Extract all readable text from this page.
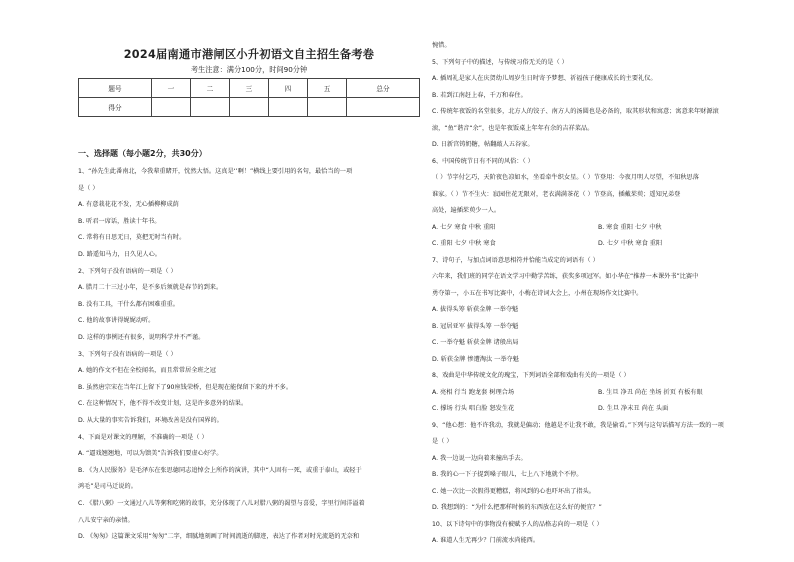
2024届南通市港闸区小升初语文自主招生备考卷
考生注意：满分100分，时间90分钟
题号	一	二	三	四	五	总分
得分						
一、选择题（每小题2分，共30分）
1、“孙先生此番南北，今我辈重睹开，忱然大悟。这真是‘’啊！”横线上要引用的名句，最恰当的一项
是（ ）
A. 有意栽花花不发，无心插柳柳成荫
B. 听君一席话，胜读十年书。
C. 常将有日思无日，莫把无时当有时。
D. 路遥知马力，日久见人心。
2、下列句子没有语病的一项是（ ）
A. 腊月二十三过小年，是不多后须就是春节的到来。
B. 没有工具，干什么都有困难重重。
C. 他的故事讲得娓娓动听。
D. 这样的事例还有很多，说明科学并不严谨。
3、下列句子没有语病的一项是（ ）
A. 她的作文不但在全校闻名，而且常常居全班之冠
B. 虽然唐宗宋在当年江上留下了90座钱荣桥，但是现在能保留下来的并不多。
C. 在这种情况下，他不得不改变计划，这是许多意外的结果。
D. 从大量的事实告诉我们，环境改善是没有国界的。
4、下面是对课文的理解，不准确的一项是（ ）
A. “逼戏翘翘地，可以为馈美”告诉我们要虚心好学。
B. 《为人民服务》是毛泽东在张思德同志追悼会上所作的演讲，其中“人固有一死，或重于泰山，或轻于
鸿毛”是司马迁说的。
C. 《腊八粥》一文通过八儿等粥和吃粥的故事，充分体现了八儿对腊八粥的渴望与喜爱，字里行间洋溢着
八儿安宁亲的亲情。
D. 《匆匆》这篇课文采用“匆匆”二字，细腻地刻画了时间流逝的脚迹，表达了作者对时光流逝的无奈和
惋惜。
5、下列句子中的描述，与传统习俗无关的是（ ）
A. 插周礼是家人在庆贺幼儿周岁生日时寄予梦想、祈福孩子健康成长的主要礼仪。
B. 若到江南赶上春，千万和春住。
C. 传统年夜饭的名堂很多，北方人的饺子、南方人的汤圆也是必备的，取其形状和寓意；寓意来年财源滚
滚，“鱼”谐音“余”，也是年夜饭桌上年年有余的吉祥菜品。
D. 日新宫铸奶糖，帖翻敲人五谷家。
6、中国传统节日有不同的风俗：（ ）
（ ）节字付乞巧，天阶夜色凉如水，坐看牵牛织女星。（ ）节登用：今夜月明人尽望，不知秋思落
谁家。（ ）节不生火：寂园住花无限对，老衣满满茶花（ ）节登高，插戴茱萸；遥知兄弟登
高处，遍插茱萸少一人。
A. 七夕 寒食 中秋 重阳
C. 重阳 七夕 中秋 寒食
7、诗句子，与加点词语意思相符并恰能当成定的词语有（ ）
六年来，我们班的同学在语文学习中勤学苦练，获奖多项冠军。如小华在“推荐一本课外书”比赛中
勇夺第一，小五在书写比赛中，小梅在诗词大会上，小州在现场作文比赛中。
A. 拔得头筹 斩获金牌 一举夺魁
B. 冠居亚军 拔得头筹 一举夺魁
C. 一举夺魁 斩获金牌 诸般出局
D. 斩获金牌 惨遭淘汰 一举夺魁
8、戏曲是中华传统文化的瑰宝，下列词语全部和戏曲有关的一项是（ ）
A. 亮相 行当 跑龙套 树理合场
C. 撑场 行头 唱白脸 怒发生花
9、“他心想：他不许我动，我就是偏动；他越是不让我不敢，我是偷看。”下列与这句话描写方法一致的一项
是（ ）
A. 我一边说一边向着来撞出手去。
B. 我的心一下子提到嗓子眼儿，七上八下地就个不停。
C. 她一次比一次假得更糟糕，将风到的心也吓坏出了指头。
D. 我想到的：“为什么把那样时候的东西放在这么好的便宜？”
10、以下诗句中的事物没有被赋予人的品格志向的一项是（ ）
A. 谁道人生无再少？门前流水尚能西。
B. 寒食 重阳 七夕 中秋
D. 七夕 中秋 寒食 重阳
B. 生旦 净丑 尚在 坐场 折页 有板有眼
D. 生旦 净末丑 尚在 头面
